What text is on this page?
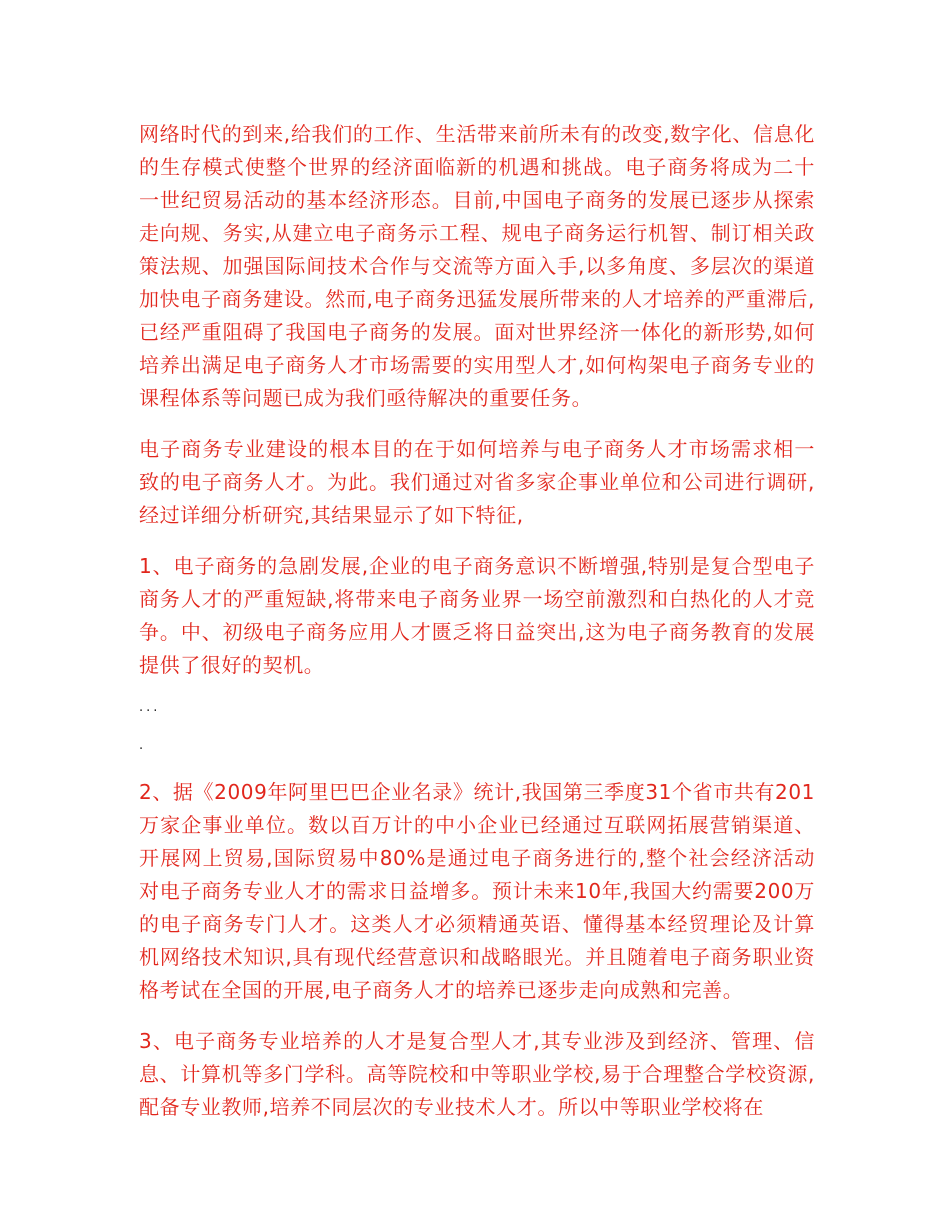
网络时代的到来,给我们的工作、生活带来前所未有的改变,数字化、信息化的生存模式使整个世界的经济面临新的机遇和挑战。电子商务将成为二十一世纪贸易活动的基本经济形态。目前,中国电子商务的发展已逐步从探索走向规、务实,从建立电子商务示工程、规电子商务运行机智、制订相关政策法规、加强国际间技术合作与交流等方面入手,以多角度、多层次的渠道加快电子商务建设。然而,电子商务迅猛发展所带来的人才培养的严重滞后,已经严重阻碍了我国电子商务的发展。面对世界经济一体化的新形势,如何培养出满足电子商务人才市场需要的实用型人才,如何构架电子商务专业的课程体系等问题已成为我们亟待解决的重要任务。

电子商务专业建设的根本目的在于如何培养与电子商务人才市场需求相一致的电子商务人才。为此。我们通过对省多家企事业单位和公司进行调研,经过详细分析研究,其结果显示了如下特征,

1、电子商务的急剧发展,企业的电子商务意识不断增强,特别是复合型电子商务人才的严重短缺,将带来电子商务业界一场空前激烈和白热化的人才竞争。中、初级电子商务应用人才匮乏将日益突出,这为电子商务教育的发展提供了很好的契机。

...

.

2、据《2009年阿里巴巴企业名录》统计,我国第三季度31个省市共有201万家企事业单位。数以百万计的中小企业已经通过互联网拓展营销渠道、开展网上贸易,国际贸易中80%是通过电子商务进行的,整个社会经济活动对电子商务专业人才的需求日益增多。预计未来10年,我国大约需要200万的电子商务专门人才。这类人才必须精通英语、懂得基本经贸理论及计算机网络技术知识,具有现代经营意识和战略眼光。并且随着电子商务职业资格考试在全国的开展,电子商务人才的培养已逐步走向成熟和完善。

3、电子商务专业培养的人才是复合型人才,其专业涉及到经济、管理、信息、计算机等多门学科。高等院校和中等职业学校,易于合理整合学校资源,配备专业教师,培养不同层次的专业技术人才。所以中等职业学校将在
